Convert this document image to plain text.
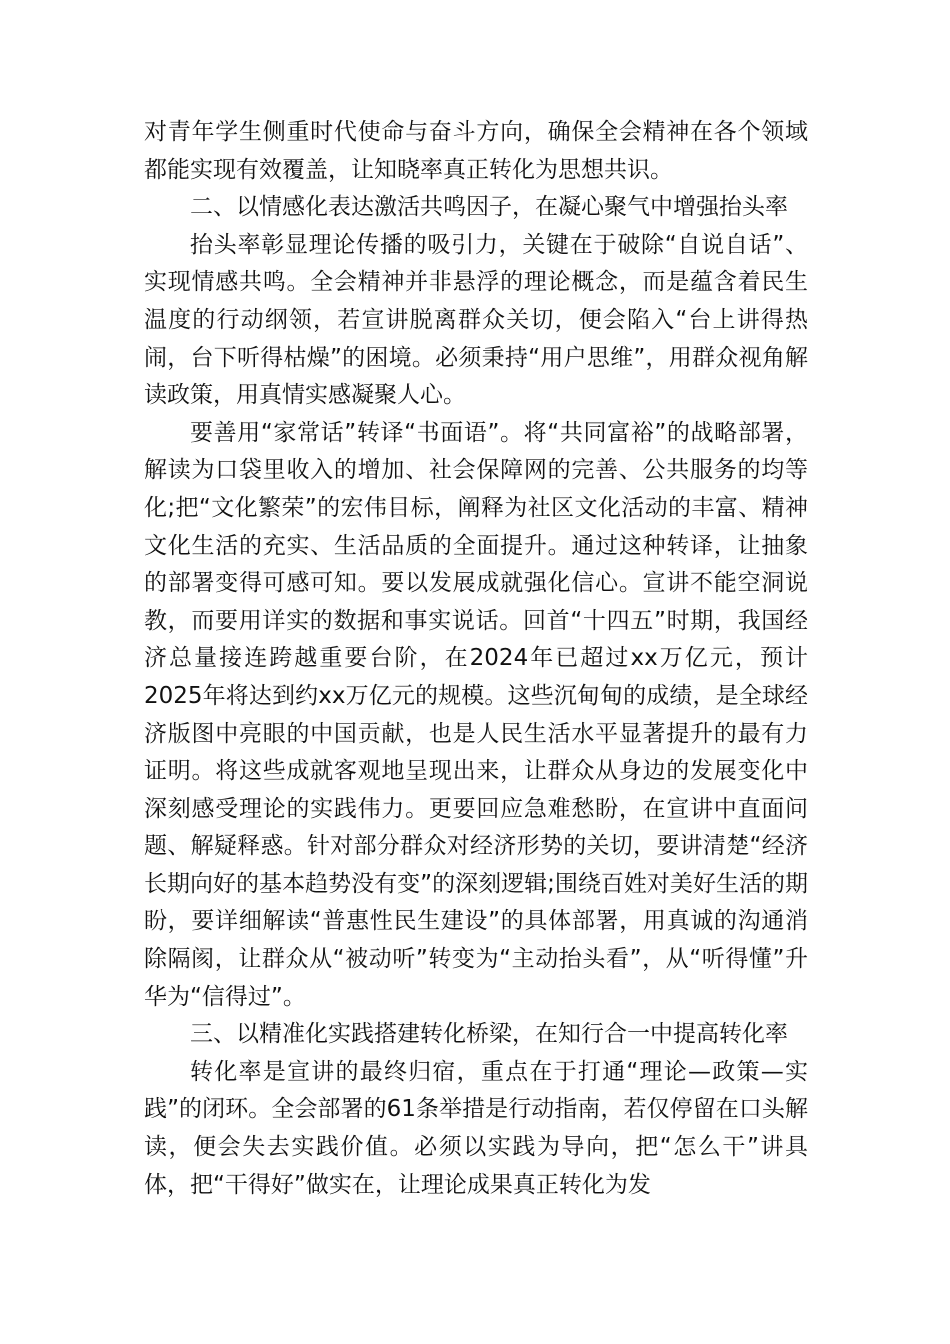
对青年学生侧重时代使命与奋斗方向，确保全会精神在各个领域都能实现有效覆盖，让知晓率真正转化为思想共识。

二、以情感化表达激活共鸣因子，在凝心聚气中增强抬头率

抬头率彰显理论传播的吸引力，关键在于破除“自说自话”、实现情感共鸣。全会精神并非悬浮的理论概念，而是蕴含着民生温度的行动纲领，若宣讲脱离群众关切，便会陷入“台上讲得热闹，台下听得枯燥”的困境。必须秉持“用户思维”，用群众视角解读政策，用真情实感凝聚人心。

要善用“家常话”转译“书面语”。将“共同富裕”的战略部署，解读为口袋里收入的增加、社会保障网的完善、公共服务的均等化;把“文化繁荣”的宏伟目标，阐释为社区文化活动的丰富、精神文化生活的充实、生活品质的全面提升。通过这种转译，让抽象的部署变得可感可知。要以发展成就强化信心。宣讲不能空洞说教，而要用详实的数据和事实说话。回首“十四五”时期，我国经济总量接连跨越重要台阶，在2024年已超过xx万亿元，预计2025年将达到约xx万亿元的规模。这些沉甸甸的成绩，是全球经济版图中亮眼的中国贡献，也是人民生活水平显著提升的最有力证明。将这些成就客观地呈现出来，让群众从身边的发展变化中深刻感受理论的实践伟力。更要回应急难愁盼，在宣讲中直面问题、解疑释惑。针对部分群众对经济形势的关切，要讲清楚“经济长期向好的基本趋势没有变”的深刻逻辑;围绕百姓对美好生活的期盼，要详细解读“普惠性民生建设”的具体部署，用真诚的沟通消除隔阂，让群众从“被动听”转变为“主动抬头看”，从“听得懂”升华为“信得过”。

三、以精准化实践搭建转化桥梁，在知行合一中提高转化率

转化率是宣讲的最终归宿，重点在于打通“理论—政策—实践”的闭环。全会部署的61条举措是行动指南，若仅停留在口头解读，便会失去实践价值。必须以实践为导向，把“怎么干”讲具体，把“干得好”做实在，让理论成果真正转化为发
